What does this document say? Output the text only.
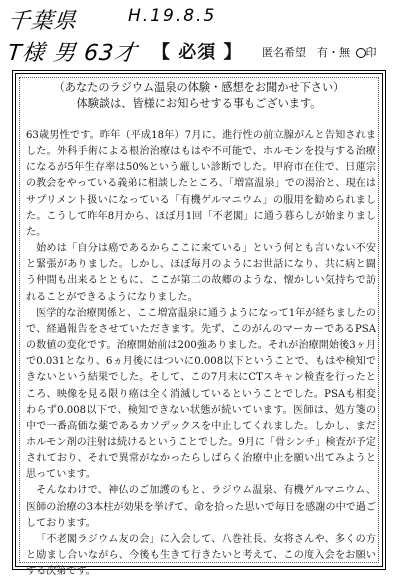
千葉県	H.19.8.5
T様 男 63才 【 必須 】 匿名希望　有・無 印
（あなたのラジウム温泉の体験・感想をお聞かせ下さい）
体験談は、皆様にお知らせする事もございます。

63歳男性です。昨年（平成18年）7月に、進行性の前立腺がんと告知されました。外科手術による根治治療はもはや不可能で、ホルモンを投与する治療になるが5年生存率は50%という厳しい診断でした。甲府市在住で、日蓮宗の教会をやっている義弟に相談したところ、「増富温泉」での湯治と、現在はサプリメント扱いになっている「有機ゲルマニウム」の服用を勧められました。こうして昨年8月から、ほぼ月1回「不老閣」に通う暮らしが始まりました。

始めは「自分は癌であるからここに来ている」という何とも言いない不安と緊張がありました。しかし、ほぼ毎月のようにお世話になり、共に病と闘う仲間も出来るとともに、ここが第二の故郷のような、懐かしい気持ちで訪れることができるようになりました。

医学的な治療関係と、ここ増富温泉に通うようになって1年が経ちましたので、経過報告をさせていただきます。先ず、このがんのマーカーであるPSAの数値の変化です。治療開始前は200強ありました。それが治療開始後3ヶ月で0.031となり、6ヵ月後にはついに0.008以下ということで、もはや検知できないという結果でした。そして、この7月末にCTスキャン検査を行ったところ、映像を見る限り癌は全く消滅しているということでした。PSAも相変わらず0.008以下で、検知できない状態が続いています。医師は、処方箋の中で一番高価な薬であるカソデックスを中止してくれました。しかし、まだホルモン剤の注射は続けるということでした。9月に「骨シンチ」検査が予定されており、それで異常がなかったらしばらく治療中止を願い出てみようと思っています。

そんなわけで、神仏のご加護のもと、ラジウム温泉、有機ゲルマニウム、医師の治療の3本柱が効果を挙げて、命を拾った思いで毎日を感謝の中で過ごしております。

「不老閣ラジウム友の会」に入会して、八巻社長、女将さんや、多くの方と励まし合いながら、今後も生きて行きたいと考えて、この度入会をお願いする次第です。
